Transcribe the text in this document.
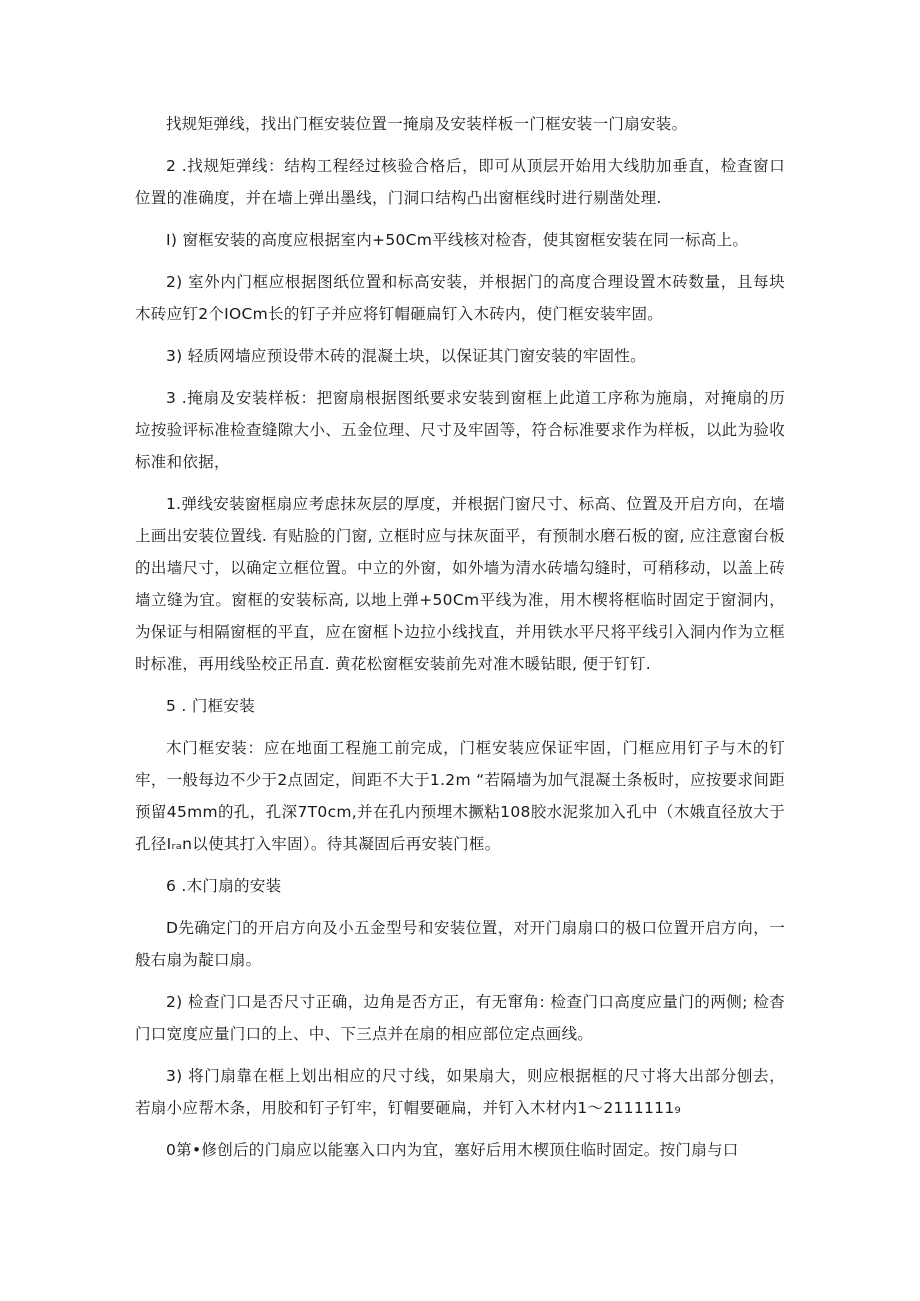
找规矩弹线，找出门框安装位置一掩扇及安装样板一门框安装一门扇安装。

2 .找规矩弹线：结构工程经过核验合格后，即可从顶层开始用大线肋加垂直，检查窗口位置的准确度，并在墙上弹出墨线，门洞口结构凸出窗框线时进行剔凿处理.

I) 窗框安装的高度应根据室内+50Cm平线核对检杳，使其窗框安装在同一标高上。

2) 室外内门框应根据图纸位置和标高安装，并根据门的高度合理设置木砖数量，且每块木砖应钉2个IOCm长的钉子并应将钉帽砸扁钉入木砖内，使门框安装牢固。

3) 轻质网墙应预设带木砖的混凝土块，以保证其门窗安装的牢固性。

3 .掩扇及安装样板：把窗扇根据图纸要求安装到窗框上此道工序称为施扇，对掩扇的历垃按验评标准检查缝隙大小、五金位理、尺寸及牢固等，符合标准要求作为样板，以此为验收标准和依据，

1.弹线安装窗框扇应考虑抹灰层的厚度，并根据门窗尺寸、标高、位置及开启方向，在墙上画出安装位置线. 有贴脸的门窗, 立框时应与抹灰面平，有预制水磨石板的窗, 应注意窗台板的出墙尺寸，以确定立框位置。中立的外窗，如外墙为清水砖墙勾缝时，可稍移动，以盖上砖墙立缝为宜。窗框的安装标高, 以地上弹+50Cm平线为准，用木楔将框临时固定于窗洞内，为保证与相隔窗框的平直，应在窗框卜边拉小线找直，并用铁水平尺将平线引入洞内作为立框时标准，再用线坠校正吊直. 黄花松窗框安装前先对准木暖钻眼, 便于钉钉.

5 . 门框安装

木门框安装：应在地面工程施工前完成，门框安装应保证牢固，门框应用钉子与木的钉牢，一般每边不少于2点固定，间距不大于1.2m “若隔墙为加气混凝土条板时，应按要求间距预留45mm的孔，孔深7T0cm,并在孔内预埋木撅粘108胶水泥浆加入孔中（木娥直径放大于孔径Iᵣₐn以使其打入牢固）。待其凝固后再安装门框。

6 .木门扇的安装

D先确定门的开启方向及小五金型号和安装位置，对开门扇扇口的极口位置开启方向，一般右扇为靛口扇。

2) 检查门口是否尺寸正确，边角是否方正，有无窜角: 检查门口高度应量门的两侧; 检杳门口宽度应量门口的上、中、下三点并在扇的相应部位定点画线。

3) 将门扇靠在框上划出相应的尺寸线，如果扇大，则应根据框的尺寸将大出部分刨去，若扇小应帮木条，用胶和钉子钉牢，钉帽要砸扁，并钉入木材内1〜2111111₉

0第•修创后的门扇应以能塞入口内为宜，塞好后用木楔顶住临时固定。按门扇与口
